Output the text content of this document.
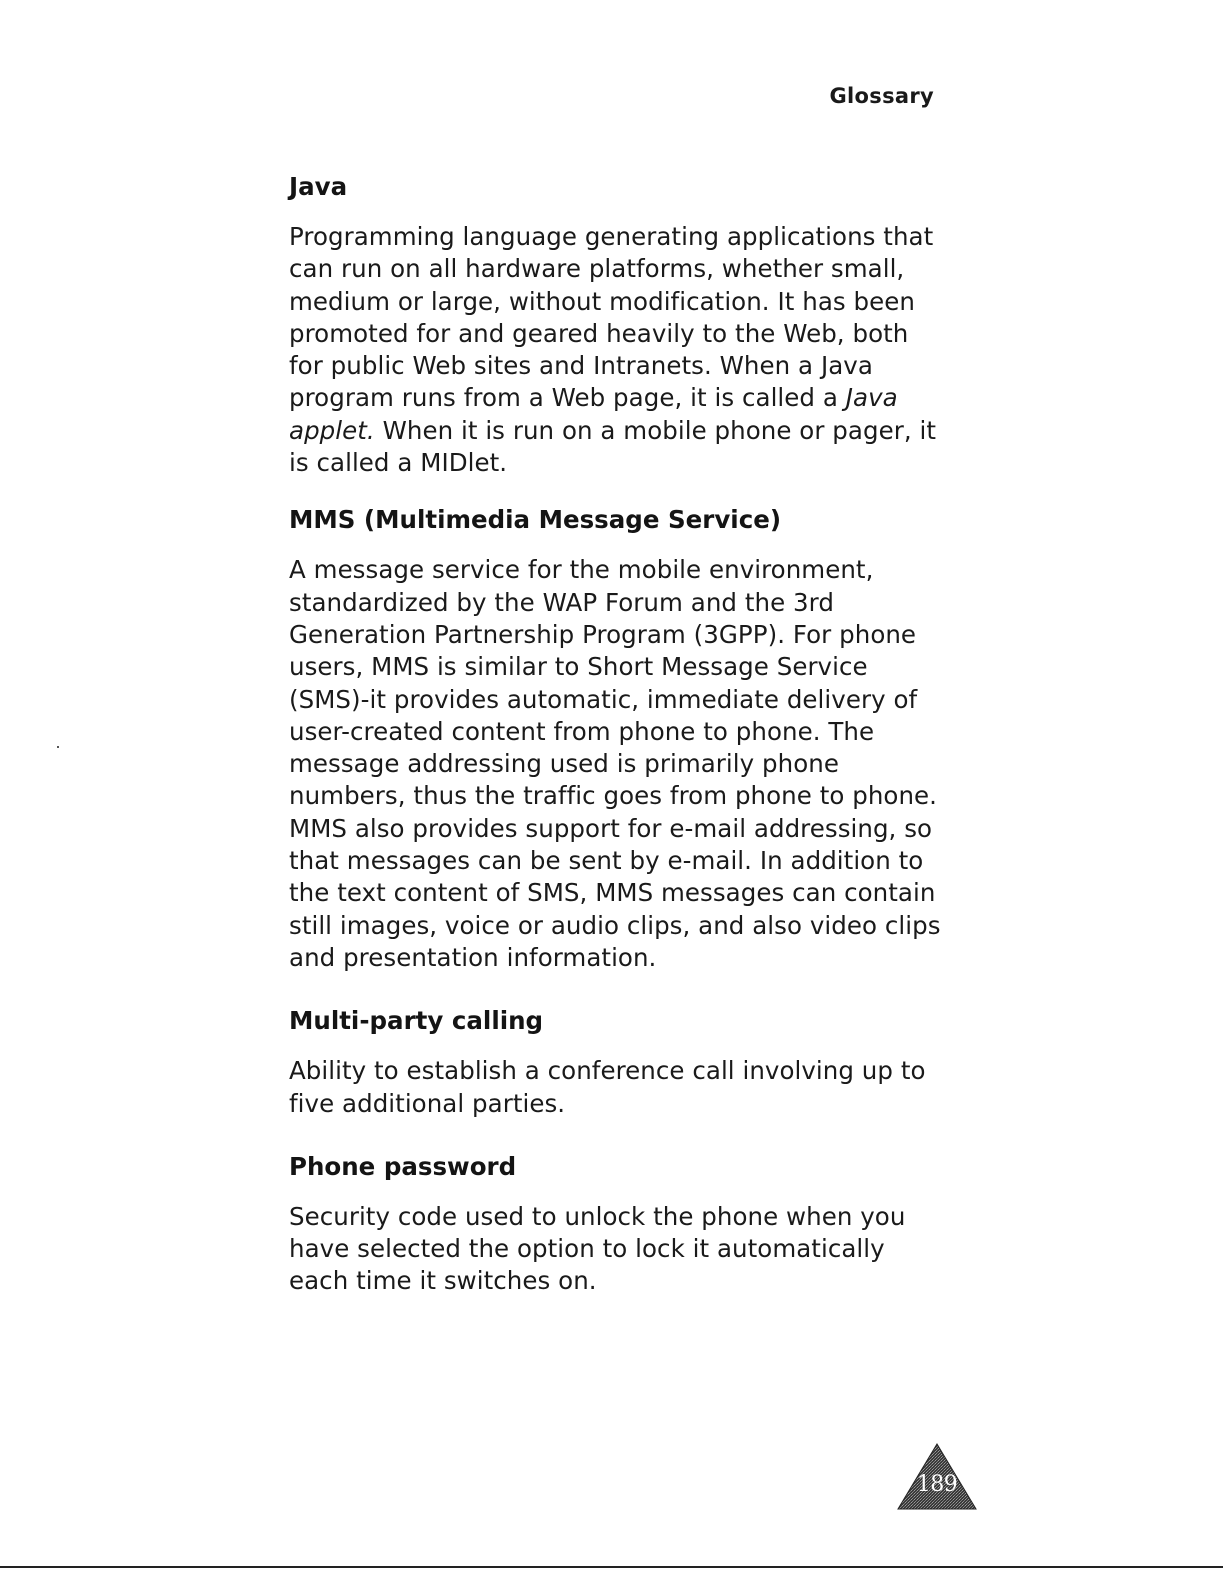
Glossary
Java

Programming language generating applications that can run on all hardware platforms, whether small, medium or large, without modification. It has been promoted for and geared heavily to the Web, both for public Web sites and Intranets. When a Java program runs from a Web page, it is called a Java applet. When it is run on a mobile phone or pager, it is called a MIDlet.

MMS (Multimedia Message Service)

A message service for the mobile environment, standardized by the WAP Forum and the 3rd Generation Partnership Program (3GPP). For phone users, MMS is similar to Short Message Service (SMS)-it provides automatic, immediate delivery of user-created content from phone to phone. The message addressing used is primarily phone numbers, thus the traffic goes from phone to phone. MMS also provides support for e-mail addressing, so that messages can be sent by e-mail. In addition to the text content of SMS, MMS messages can contain still images, voice or audio clips, and also video clips and presentation information.

Multi-party calling

Ability to establish a conference call involving up to five additional parties.

Phone password

Security code used to unlock the phone when you have selected the option to lock it automatically each time it switches on.

189
